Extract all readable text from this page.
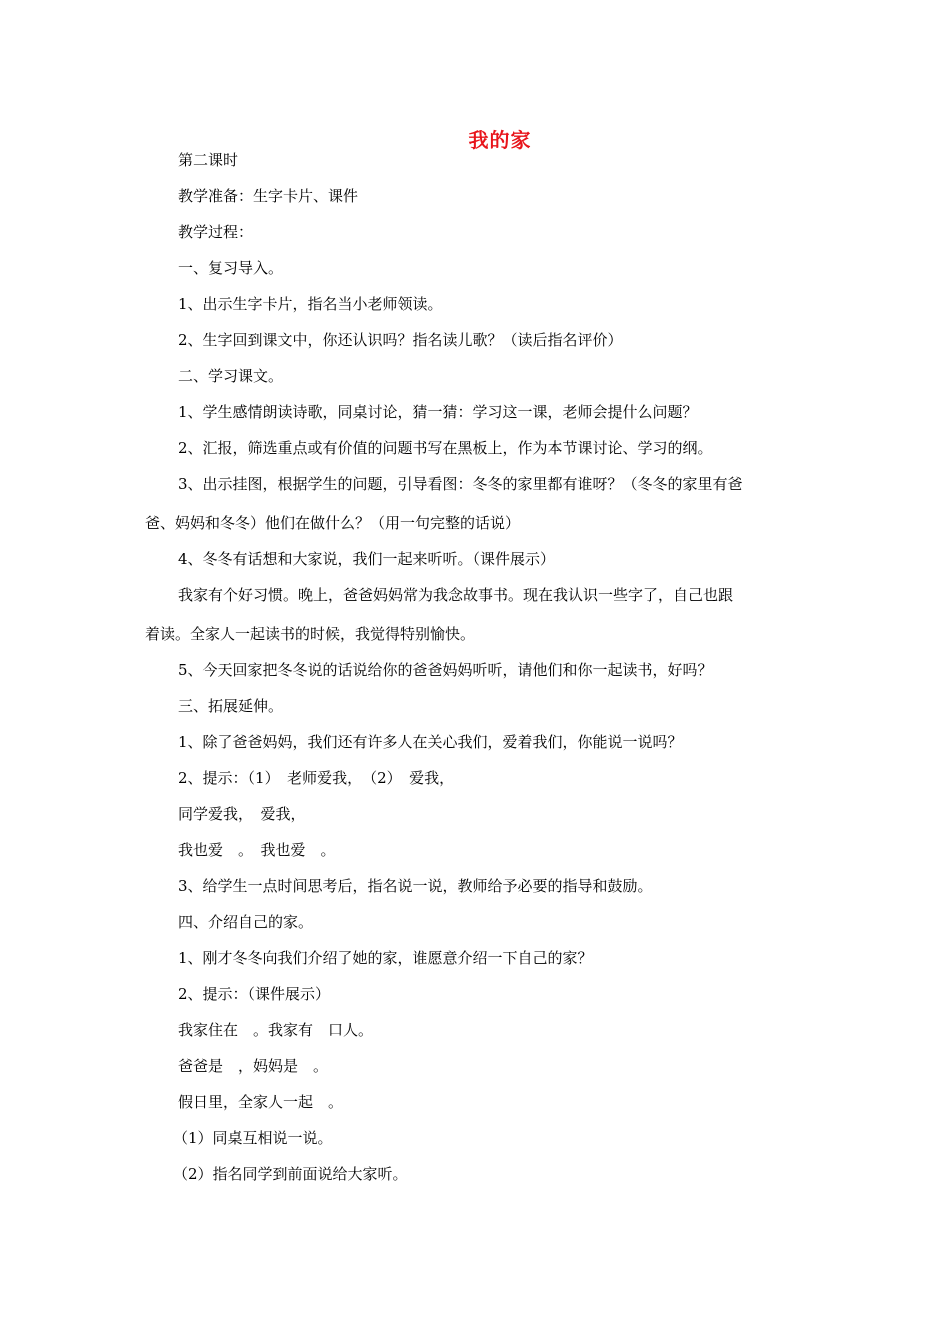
我的家

第二课时

教学准备：生字卡片、课件

教学过程：

一、复习导入。

1、出示生字卡片，指名当小老师领读。

2、生字回到课文中，你还认识吗？指名读儿歌？（读后指名评价）

二、学习课文。

1、学生感情朗读诗歌，同桌讨论，猜一猜：学习这一课，老师会提什么问题？

2、汇报，筛选重点或有价值的问题书写在黑板上，作为本节课讨论、学习的纲。

3、出示挂图，根据学生的问题，引导看图：冬冬的家里都有谁呀？（冬冬的家里有爸

爸、妈妈和冬冬）他们在做什么？（用一句完整的话说）

4、冬冬有话想和大家说，我们一起来听听。（课件展示）

我家有个好习惯。晚上，爸爸妈妈常为我念故事书。现在我认识一些字了，自己也跟

着读。全家人一起读书的时候，我觉得特别愉快。

5、今天回家把冬冬说的话说给你的爸爸妈妈听听，请他们和你一起读书，好吗？

三、拓展延伸。

1、除了爸爸妈妈，我们还有许多人在关心我们，爱着我们，你能说一说吗？

2、提示：（1）　老师爱我，　（2）　爱我，

同学爱我，　爱我，

我也爱　。　我也爱　。

3、给学生一点时间思考后，指名说一说，教师给予必要的指导和鼓励。

四、介绍自己的家。

1、刚才冬冬向我们介绍了她的家，谁愿意介绍一下自己的家？

2、提示：（课件展示）

我家住在　。我家有　口人。

爸爸是　，妈妈是　。

假日里，全家人一起　。

（1）同桌互相说一说。

（2）指名同学到前面说给大家听。
